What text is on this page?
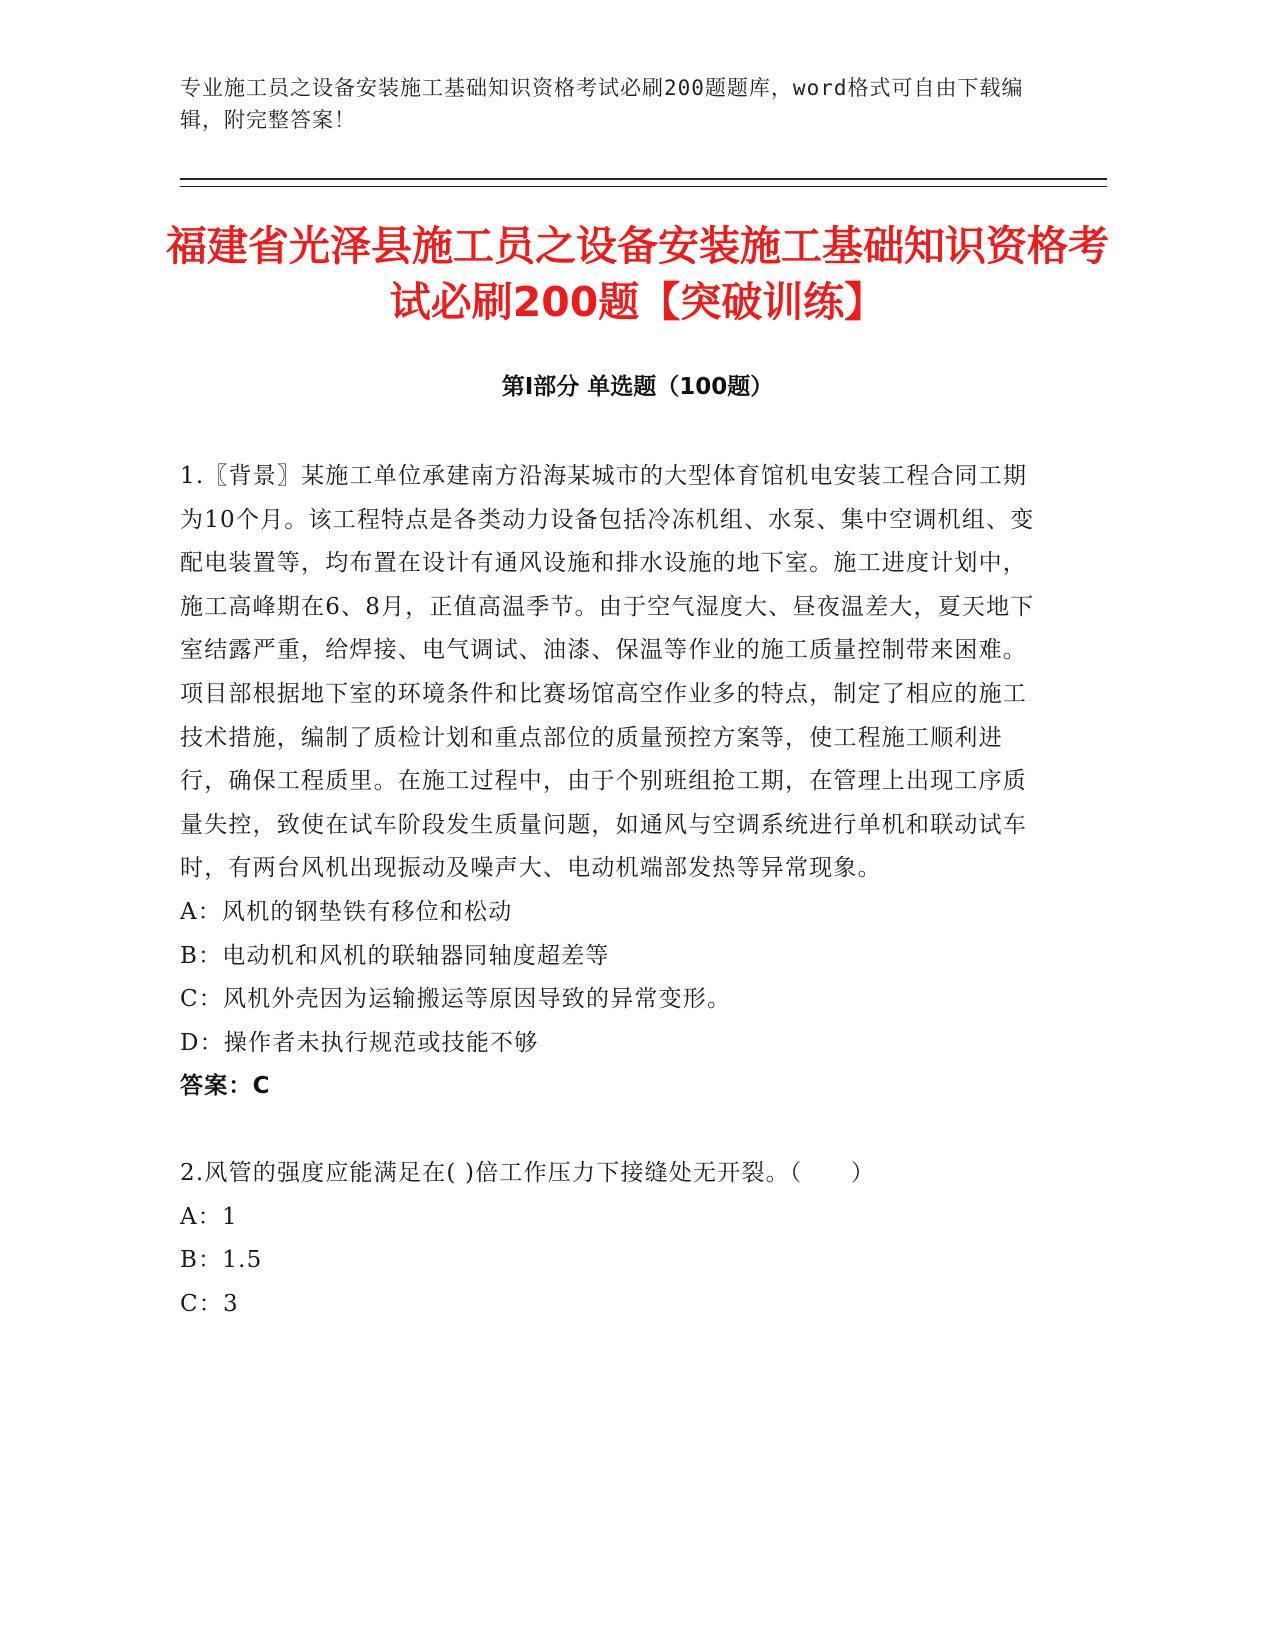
专业施工员之设备安装施工基础知识资格考试必刷200题题库，word格式可自由下载编辑，附完整答案！
福建省光泽县施工员之设备安装施工基础知识资格考试必刷200题【突破训练】
第Ⅰ部分 单选题（100题）

1.〖背景〗某施工单位承建南方沿海某城市的大型体育馆机电安装工程合同工期为10个月。该工程特点是各类动力设备包括冷冻机组、水泵、集中空调机组、变配电装置等，均布置在设计有通风设施和排水设施的地下室。施工进度计划中，施工高峰期在6、8月，正值高温季节。由于空气湿度大、昼夜温差大，夏天地下室结露严重，给焊接、电气调试、油漆、保温等作业的施工质量控制带来困难。项目部根据地下室的环境条件和比赛场馆高空作业多的特点，制定了相应的施工技术措施，编制了质检计划和重点部位的质量预控方案等，使工程施工顺利进行，确保工程质里。在施工过程中，由于个别班组抢工期，在管理上出现工序质量失控，致使在试车阶段发生质量问题，如通风与空调系统进行单机和联动试车时，有两台风机出现振动及噪声大、电动机端部发热等异常现象。

A：风机的钢垫铁有移位和松动

B：电动机和风机的联轴器同轴度超差等

C：风机外壳因为运输搬运等原因导致的异常变形。

D：操作者未执行规范或技能不够

答案：C

2.风管的强度应能满足在( )倍工作压力下接缝处无开裂。（　　）

A：1

B：1.5

C：3
